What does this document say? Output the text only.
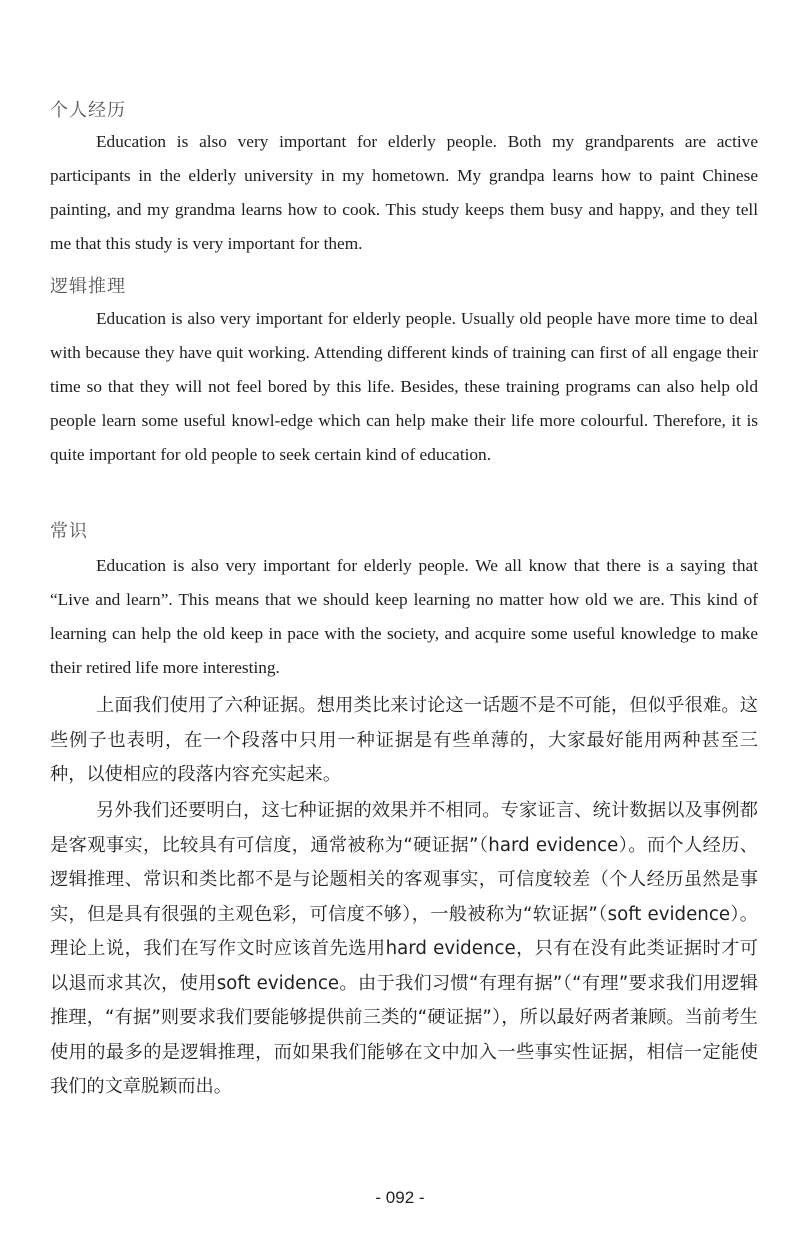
个人经历

Education is also very important for elderly people. Both my grandparents are active participants in the elderly university in my hometown. My grandpa learns how to paint Chinese painting, and my grandma learns how to cook. This study keeps them busy and happy, and they tell me that this study is very important for them.

逻辑推理

Education is also very important for elderly people. Usually old people have more time to deal with because they have quit working. Attending different kinds of training can first of all engage their time so that they will not feel bored by this life. Besides, these training programs can also help old people learn some useful knowl-edge which can help make their life more colourful. Therefore, it is quite important for old people to seek certain kind of education.

常识

Education is also very important for elderly people. We all know that there is a saying that “Live and learn”. This means that we should keep learning no matter how old we are. This kind of learning can help the old keep in pace with the society, and acquire some useful knowledge to make their retired life more interesting.

上面我们使用了六种证据。想用类比来讨论这一话题不是不可能，但似乎很难。这些例子也表明，在一个段落中只用一种证据是有些单薄的，大家最好能用两种甚至三种，以使相应的段落内容充实起来。

另外我们还要明白，这七种证据的效果并不相同。专家证言、统计数据以及事例都是客观事实，比较具有可信度，通常被称为“硬证据”（hard evidence）。而个人经历、逻辑推理、常识和类比都不是与论题相关的客观事实，可信度较差（个人经历虽然是事实，但是具有很强的主观色彩，可信度不够），一般被称为“软证据”（soft evidence）。理论上说，我们在写作文时应该首先选用hard evidence，只有在没有此类证据时才可以退而求其次，使用soft evidence。由于我们习惯“有理有据”（“有理”要求我们用逻辑推理，“有据”则要求我们要能够提供前三类的“硬证据”），所以最好两者兼顾。当前考生使用的最多的是逻辑推理，而如果我们能够在文中加入一些事实性证据，相信一定能使我们的文章脱颖而出。

- 092 -
